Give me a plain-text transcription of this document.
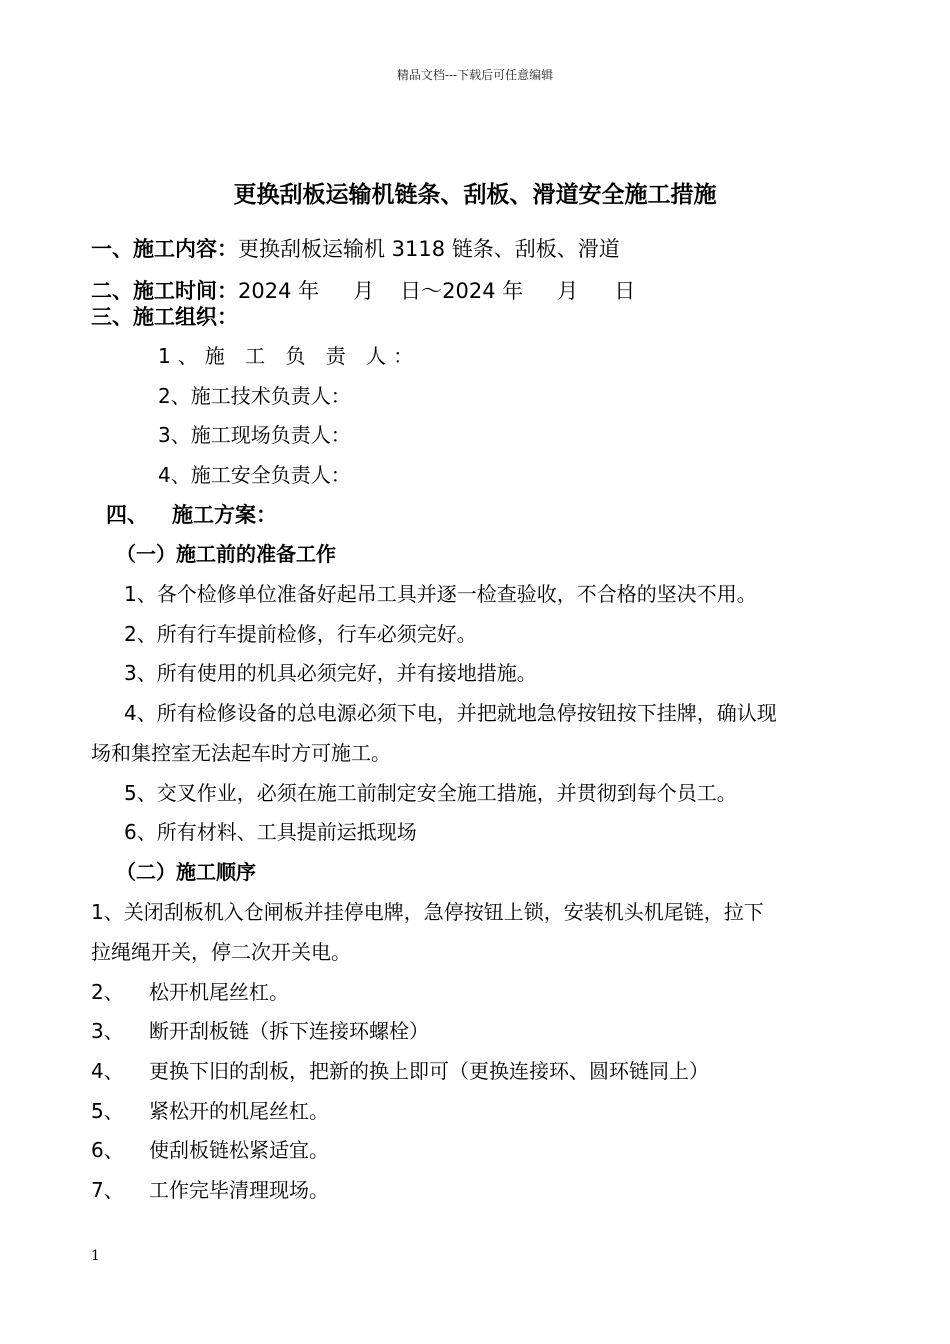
精品文档---下载后可任意编辑
更换刮板运输机链条、刮板、滑道安全施工措施
一、施工内容：更换刮板运输机 3118 链条、刮板、滑道
二、施工时间：2024 年 月 日～2024 年 月 日
三、施工组织：
1、施 工 负 责 人：
2、施工技术负责人：
3、施工现场负责人：
4、施工安全负责人：
四、 施工方案：
（一）施工前的准备工作
1、各个检修单位准备好起吊工具并逐一检查验收，不合格的坚决不用。
2、所有行车提前检修，行车必须完好。
3、所有使用的机具必须完好，并有接地措施。
4、所有检修设备的总电源必须下电，并把就地急停按钮按下挂牌，确认现
场和集控室无法起车时方可施工。
5、交叉作业，必须在施工前制定安全施工措施，并贯彻到每个员工。
6、所有材料、工具提前运抵现场
（二）施工顺序
1、关闭刮板机入仓闸板并挂停电牌，急停按钮上锁，安装机头机尾链，拉下
拉绳绳开关，停二次开关电。
2、 松开机尾丝杠。
3、 断开刮板链（拆下连接环螺栓）
4、 更换下旧的刮板，把新的换上即可（更换连接环、圆环链同上）
5、 紧松开的机尾丝杠。
6、 使刮板链松紧适宜。
7、 工作完毕清理现场。
1
